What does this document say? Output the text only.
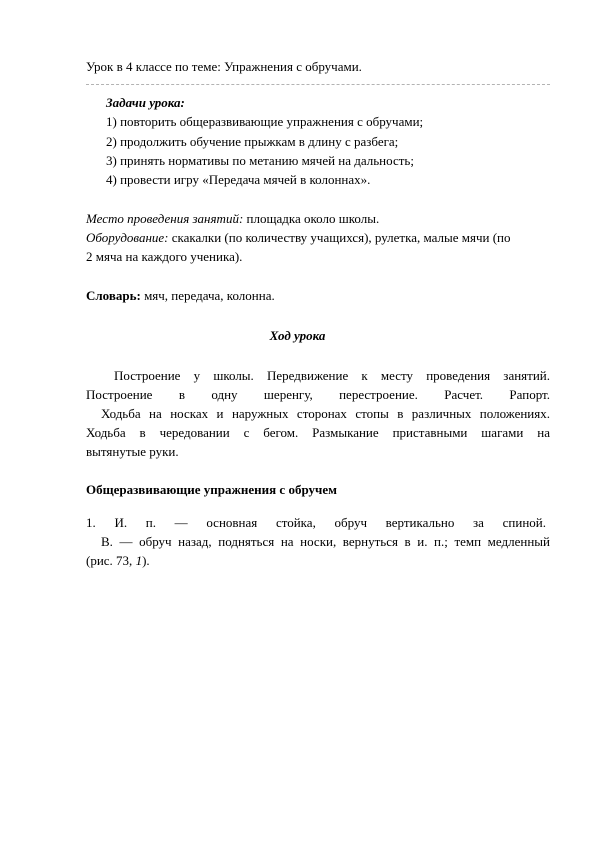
Урок в 4 классе по теме: Упражнения с обручами.
Задачи урока:
1) повторить общеразвивающие упражнения с обручами;
2) продолжить обучение прыжкам в длину с разбега;
3) принять нормативы по метанию мячей на дальность;
4) провести игру «Передача мячей в колоннах».
Место проведения занятий: площадка около школы.
Оборудование: скакалки (по количеству учащихся), рулетка, малые мячи (по
2 мяча на каждого ученика).
Словарь: мяч, передача, колонна.
Ход урока
Построение у школы. Передвижение к месту проведения занятий.
Построение в одну шеренгу, перестроение. Расчет. Рапорт.
Ходьба на носках и наружных сторонах стопы в различных положениях.
Ходьба в чередовании с бегом. Размыкание приставными шагами на
вытянутые руки.
Общеразвивающие упражнения с обручем
1. И. п. — основная стойка, обруч вертикально за спиной.
В. — обруч назад, подняться на носки, вернуться в и. п.; темп медленный
(рис. 73, 1).
